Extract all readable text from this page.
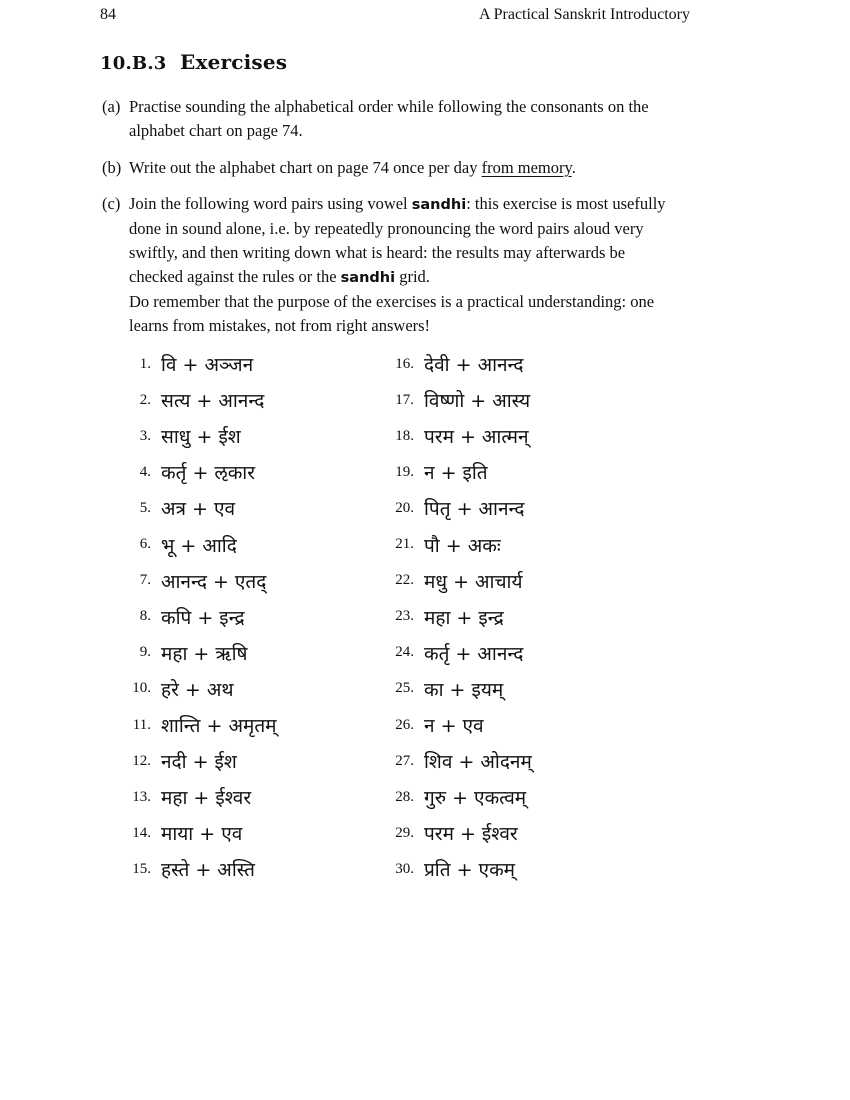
84	A Practical Sanskrit Introductory
10.B.3 Exercises
(a) Practise sounding the alphabetical order while following the consonants on the alphabet chart on page 74.
(b) Write out the alphabet chart on page 74 once per day from memory.
(c) Join the following word pairs using vowel sandhi: this exercise is most usefully done in sound alone, i.e. by repeatedly pronouncing the word pairs aloud very swiftly, and then writing down what is heard: the results may afterwards be checked against the rules or the sandhi grid.
Do remember that the purpose of the exercises is a practical understanding: one learns from mistakes, not from right answers!
1. वि + अञ्जन
2. सत्य + आनन्द
3. साधु + ईश
4. कर्तृ + ऌकार
5. अत्र + एव
6. भू + आदि
7. आनन्द + एतद्
8. कपि + इन्द्र
9. महा + ऋषि
10. हरे + अथ
11. शान्ति + अमृतम्
12. नदी + ईश
13. महा + ईश्वर
14. माया + एव
15. हस्ते + अस्ति
16. देवी + आनन्द
17. विष्णो + आस्य
18. परम + आत्मन्
19. न + इति
20. पितृ + आनन्द
21. पौ + अकः
22. मधु + आचार्य
23. महा + इन्द्र
24. कर्तृ + आनन्द
25. का + इयम्
26. न + एव
27. शिव + ओदनम्
28. गुरु + एकत्वम्
29. परम + ईश्वर
30. प्रति + एकम्
